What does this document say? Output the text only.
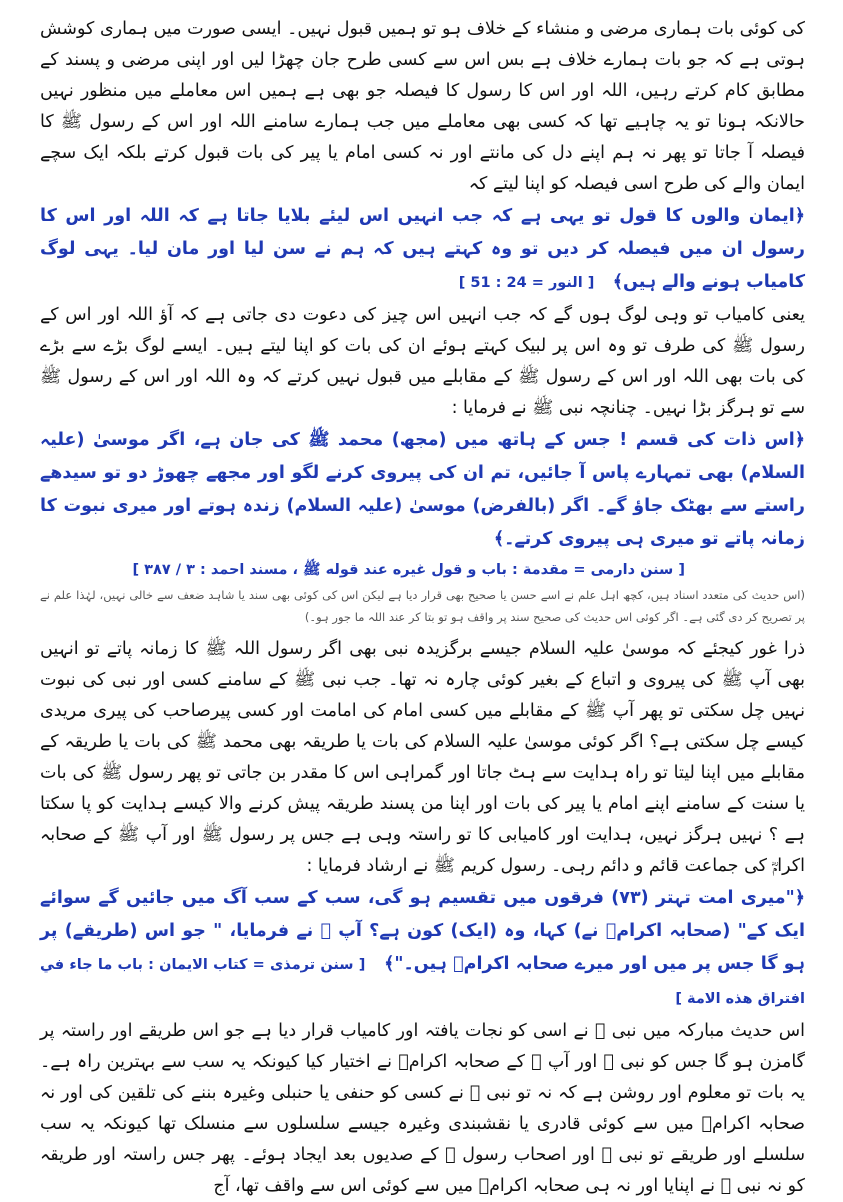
کی کوئی بات ہماری مرضی و منشاء کے خلاف ہو تو ہمیں قبول نہیں۔ ایسی صورت میں ہماری کوشش ہوتی ہے کہ جو بات ہمارے خلاف ہے بس اس سے کسی طرح جان چھڑا لیں اور اپنی مرضی و پسند کے مطابق کام کرتے رہیں، اللہ اور اس کا رسول کا فیصلہ جو بھی ہے ہمیں اس معاملے میں منظور نہیں حالانکہ ہونا تو یہ چاہیے تھا کہ کسی بھی معاملے میں جب ہمارے سامنے اللہ اور اس کے رسول ﷺ کا فیصلہ آ جاتا تو پھر نہ ہم اپنے دل کی مانتے اور نہ کسی امام یا پیر کی بات قبول کرتے بلکہ ایک سچے ایمان والے کی طرح اسی فیصلہ کو اپنا لیتے کہ

﴿ایمان والوں کا قول تو یہی ہے کہ جب انہیں اس لیئے بلایا جاتا ہے کہ اللہ اور اس کا رسول ان میں فیصلہ کر دیں تو وہ کہتے ہیں کہ ہم نے سن لیا اور مان لیا۔ یہی لوگ کامیاب ہونے والے ہیں﴾   [ النور = 24 : 51 ]

یعنی کامیاب تو وہی لوگ ہوں گے کہ جب انہیں اس چیز کی دعوت دی جاتی ہے کہ آؤ اللہ اور اس کے رسول ﷺ کی طرف تو وہ اس پر لبیک کہتے ہوئے ان کی بات کو اپنا لیتے ہیں۔ ایسے لوگ بڑے سے بڑے کی بات بھی اللہ اور اس کے رسول ﷺ کے مقابلے میں قبول نہیں کرتے کہ وہ اللہ اور اس کے رسول ﷺ سے تو ہرگز بڑا نہیں۔ چنانچہ نبی ﷺ نے فرمایا :

﴿اس ذات کی قسم ! جس کے ہاتھ میں (مجھ) محمد ﷺ کی جان ہے، اگر موسیٰ (علیہ السلام) بھی تمہارے پاس آ جائیں، تم ان کی پیروی کرنے لگو اور مجھے چھوڑ دو تو سیدھے راستے سے بھٹک جاؤ گے۔ اگر (بالفرض) موسیٰ (علیہ السلام) زندہ ہوتے اور میری نبوت کا زمانہ پاتے تو میری ہی پیروی کرتے۔﴾

[ سنن دارمی = مقدمة : باب و قول غيره عند قوله ﷺ ، مسند احمد : ۳ / ۳۸۷ ]

(اس حدیث کی متعدد اسناد ہیں، کچھ اہل علم نے اسے حسن یا صحیح بھی قرار دیا ہے لیکن اس کی کوئی بھی سند یا شاہد ضعف سے خالی نہیں، لہٰذا علم نے پر تصریح کر دی گئی ہے۔ اگر کوئی اس حدیث کی صحیح سند پر واقف ہو تو بتا کر عند اللہ ما جور ہو۔)

ذرا غور کیجئے کہ موسیٰ علیہ السلام جیسے برگزیدہ نبی بھی اگر رسول اللہ ﷺ کا زمانہ پاتے تو انہیں بھی آپ ﷺ کی پیروی و اتباع کے بغیر کوئی چارہ نہ تھا۔ جب نبی ﷺ کے سامنے کسی اور نبی کی نبوت نہیں چل سکتی تو پھر آپ ﷺ کے مقابلے میں کسی امام کی امامت اور کسی پیرصاحب کی پیری مریدی کیسے چل سکتی ہے؟ اگر کوئی موسیٰ علیہ السلام کی بات یا طریقہ بھی محمد ﷺ کی بات یا طریقہ کے مقابلے میں اپنا لیتا تو راہ ہدایت سے ہٹ جاتا اور گمراہی اس کا مقدر بن جاتی تو پھر رسول ﷺ کی بات یا سنت کے سامنے اپنے امام یا پیر کی بات اور اپنا من پسند طریقہ پیش کرنے والا کیسے ہدایت کو پا سکتا ہے ؟ نہیں ہرگز نہیں، ہدایت اور کامیابی کا تو راستہ وہی ہے جس پر رسول ﷺ اور آپ ﷺ کے صحابہ اکرامؓ کی جماعت قائم و دائم رہی۔ رسول کریم ﷺ نے ارشاد فرمایا :

﴿"میری امت تہتر (۷۳) فرقوں میں تقسیم ہو گی، سب کے سب آگ میں جائیں گے سوائے ایک کے" (صحابہ اکرامؓ نے) کہا، وہ (ایک) کون ہے؟ آپ ﷺ نے فرمایا، " جو اس (طریقے) پر ہو گا جس پر میں اور میرے صحابہ اکرامؓ ہیں۔"﴾   [ سنن ترمذی = کتاب الایمان : باب ما جاء في افتراق هذه الامة ]

اس حدیث مبارکہ میں نبی ﷺ نے اسی کو نجات یافتہ اور کامیاب قرار دیا ہے جو اس طریقے اور راستہ پر گامزن ہو گا جس کو نبی ﷺ اور آپ ﷺ کے صحابہ اکرامؓ نے اختیار کیا کیونکہ یہ سب سے بہترین راہ ہے۔ یہ بات تو معلوم اور روشن ہے کہ نہ تو نبی ﷺ نے کسی کو حنفی یا حنبلی وغیرہ بننے کی تلقین کی اور نہ صحابہ اکرامؓ میں سے کوئی قادری یا نقشبندی وغیرہ جیسے سلسلوں سے منسلک تھا کیونکہ یہ سب سلسلے اور طریقے تو نبی ﷺ اور اصحاب رسول ﷺ کے صدیوں بعد ایجاد ہوئے۔ پھر جس راستہ اور طریقہ کو نہ نبی ﷺ نے اپنایا اور نہ ہی صحابہ اکرامؓ میں سے کوئی اس سے واقف تھا، آج
